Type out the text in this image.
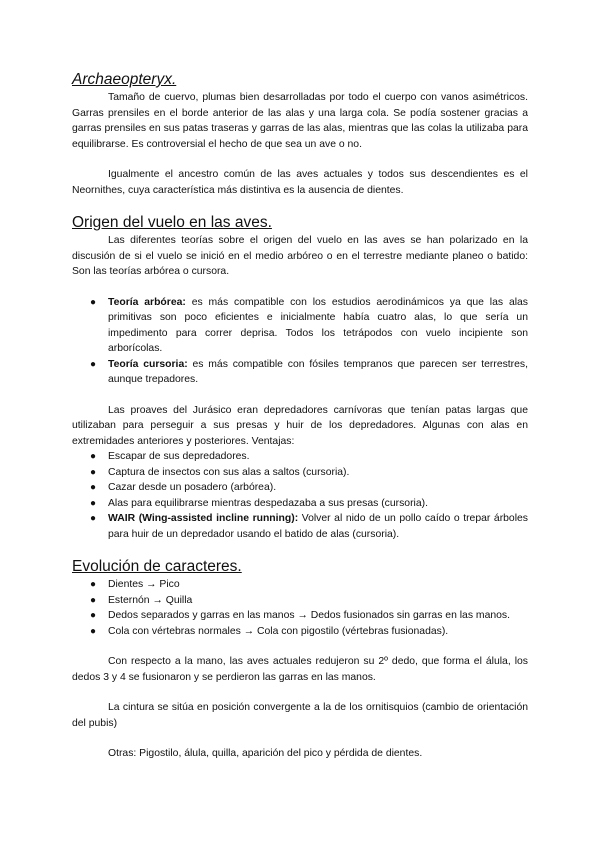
Archaeopteryx.

Tamaño de cuervo, plumas bien desarrolladas por todo el cuerpo con vanos asimétricos. Garras prensiles en el borde anterior de las alas y una larga cola. Se podía sostener gracias a garras prensiles en sus patas traseras y garras de las alas, mientras que las colas la utilizaba para equilibrarse. Es controversial el hecho de que sea un ave o no.

Igualmente el ancestro común de las aves actuales y todos sus descendientes es el Neornithes, cuya característica más distintiva es la ausencia de dientes.

Origen del vuelo en las aves.

Las diferentes teorías sobre el origen del vuelo en las aves se han polarizado en la discusión de si el vuelo se inició en el medio arbóreo o en el terrestre mediante planeo o batido: Son las teorías arbórea o cursora.

● Teoría arbórea: es más compatible con los estudios aerodinámicos ya que las alas primitivas son poco eficientes e inicialmente había cuatro alas, lo que sería un impedimento para correr deprisa. Todos los tetrápodos con vuelo incipiente son arborícolas.
● Teoría cursoria: es más compatible con fósiles tempranos que parecen ser terrestres, aunque trepadores.

Las proaves del Jurásico eran depredadores carnívoras que tenían patas largas que utilizaban para perseguir a sus presas y huir de los depredadores. Algunas con alas en extremidades anteriores y posteriores. Ventajas:

● Escapar de sus depredadores.
● Captura de insectos con sus alas a saltos (cursoria).
● Cazar desde un posadero (arbórea).
● Alas para equilibrarse mientras despedazaba a sus presas (cursoria).
● WAIR (Wing-assisted incline running): Volver al nido de un pollo caído o trepar árboles para huir de un depredador usando el batido de alas (cursoria).
Evolución de caracteres.
● Dientes → Pico
● Esternón → Quilla
● Dedos separados y garras en las manos → Dedos fusionados sin garras en las manos.
● Cola con vértebras normales → Cola con pigostilo (vértebras fusionadas).

Con respecto a la mano, las aves actuales redujeron su 2º dedo, que forma el álula, los dedos 3 y 4 se fusionaron y se perdieron las garras en las manos.

La cintura se sitúa en posición convergente a la de los ornitisquios (cambio de orientación del pubis)

Otras: Pigostilo, álula, quilla, aparición del pico y pérdida de dientes.
